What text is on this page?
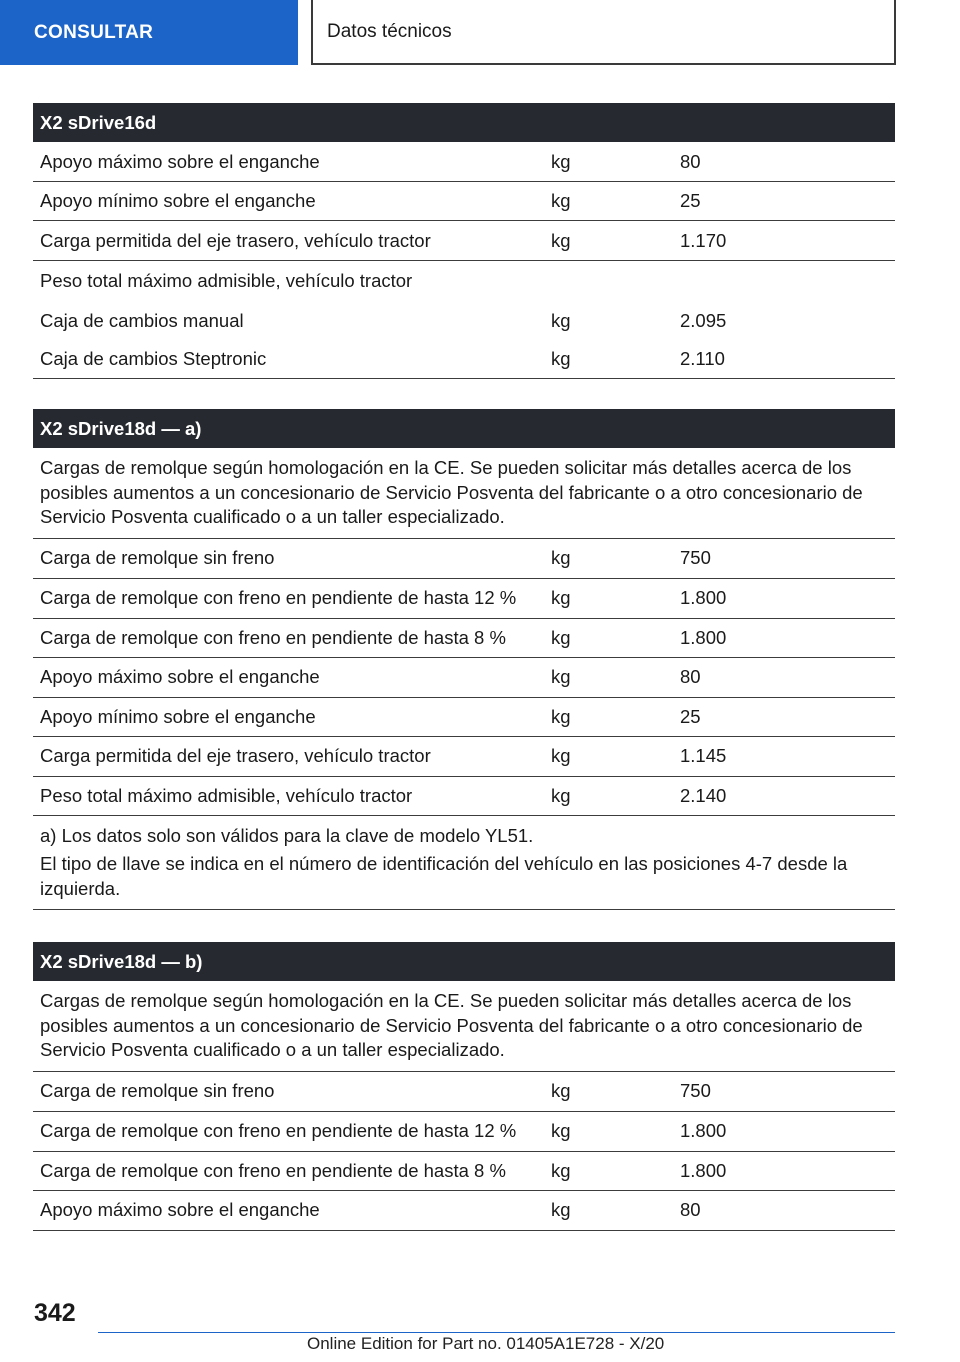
CONSULTAR	Datos técnicos
X2 sDrive16d
Apoyo máximo sobre el enganche	kg	80
Apoyo mínimo sobre el enganche	kg	25
Carga permitida del eje trasero, vehículo tractor	kg	1.170
Peso total máximo admisible, vehículo tractor
Caja de cambios manual	kg	2.095
Caja de cambios Steptronic	kg	2.110
X2 sDrive18d — a)
Cargas de remolque según homologación en la CE. Se pueden solicitar más detalles acerca de los posibles aumentos a un concesionario de Servicio Posventa del fabricante o a otro concesionario de Servicio Posventa cualificado o a un taller especializado.
Carga de remolque sin freno	kg	750
Carga de remolque con freno en pendiente de hasta 12 %	kg	1.800
Carga de remolque con freno en pendiente de hasta 8 %	kg	1.800
Apoyo máximo sobre el enganche	kg	80
Apoyo mínimo sobre el enganche	kg	25
Carga permitida del eje trasero, vehículo tractor	kg	1.145
Peso total máximo admisible, vehículo tractor	kg	2.140
a) Los datos solo son válidos para la clave de modelo YL51.
El tipo de llave se indica en el número de identificación del vehículo en las posiciones 4-7 desde la izquierda.
X2 sDrive18d — b)
Cargas de remolque según homologación en la CE. Se pueden solicitar más detalles acerca de los posibles aumentos a un concesionario de Servicio Posventa del fabricante o a otro concesionario de Servicio Posventa cualificado o a un taller especializado.
Carga de remolque sin freno	kg	750
Carga de remolque con freno en pendiente de hasta 12 %	kg	1.800
Carga de remolque con freno en pendiente de hasta 8 %	kg	1.800
Apoyo máximo sobre el enganche	kg	80
342
Online Edition for Part no. 01405A1E728 - X/20
